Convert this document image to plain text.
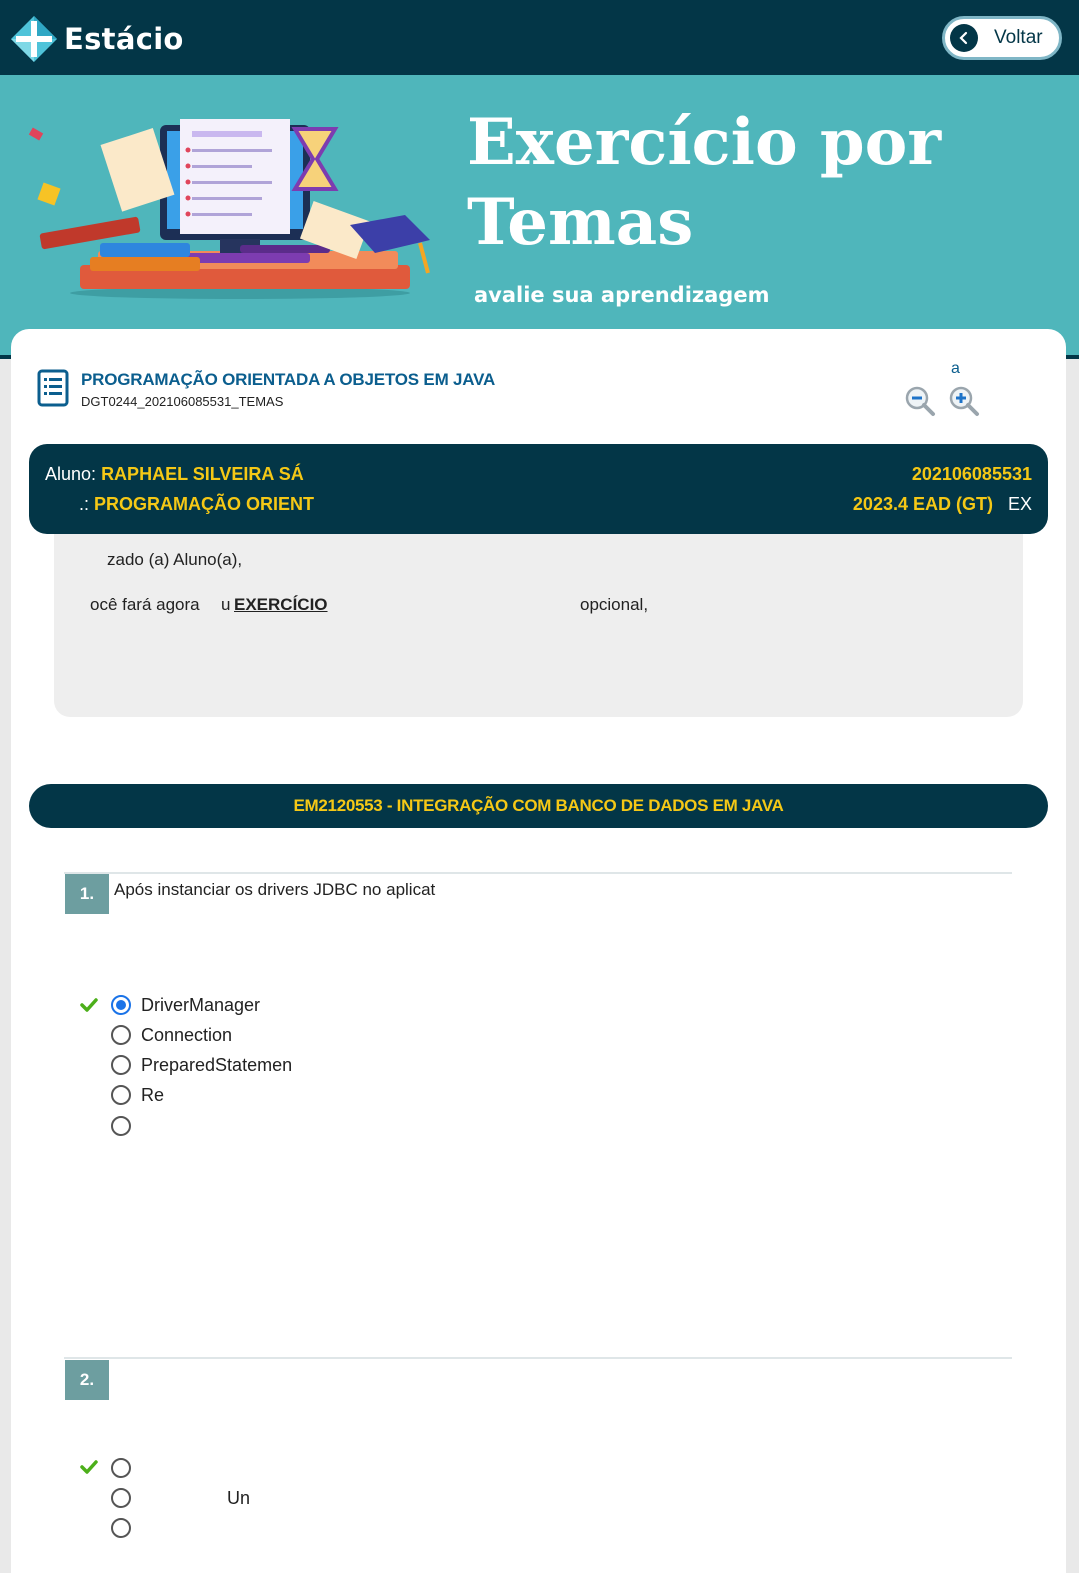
Estácio	Voltar
Exercício por
Temas
avalie sua aprendizagem
PROGRAMAÇÃO ORIENTADA A OBJETOS EM JAVA
DGT0244_202106085531_TEMAS
a
Aluno: RAPHAEL SILVEIRA SÁ	202106085531
.: PROGRAMAÇÃO ORIENT	2023.4 EAD (GT) EX
zado (a) Aluno(a),
ocê fará agora u EXERCÍCIO	opcional,
EM2120553 - INTEGRAÇÃO COM BANCO DE DADOS EM JAVA
1.	Após instanciar os drivers JDBC no aplicat
DriverManager
Connection
PreparedStatemen
Re
2.
Un
